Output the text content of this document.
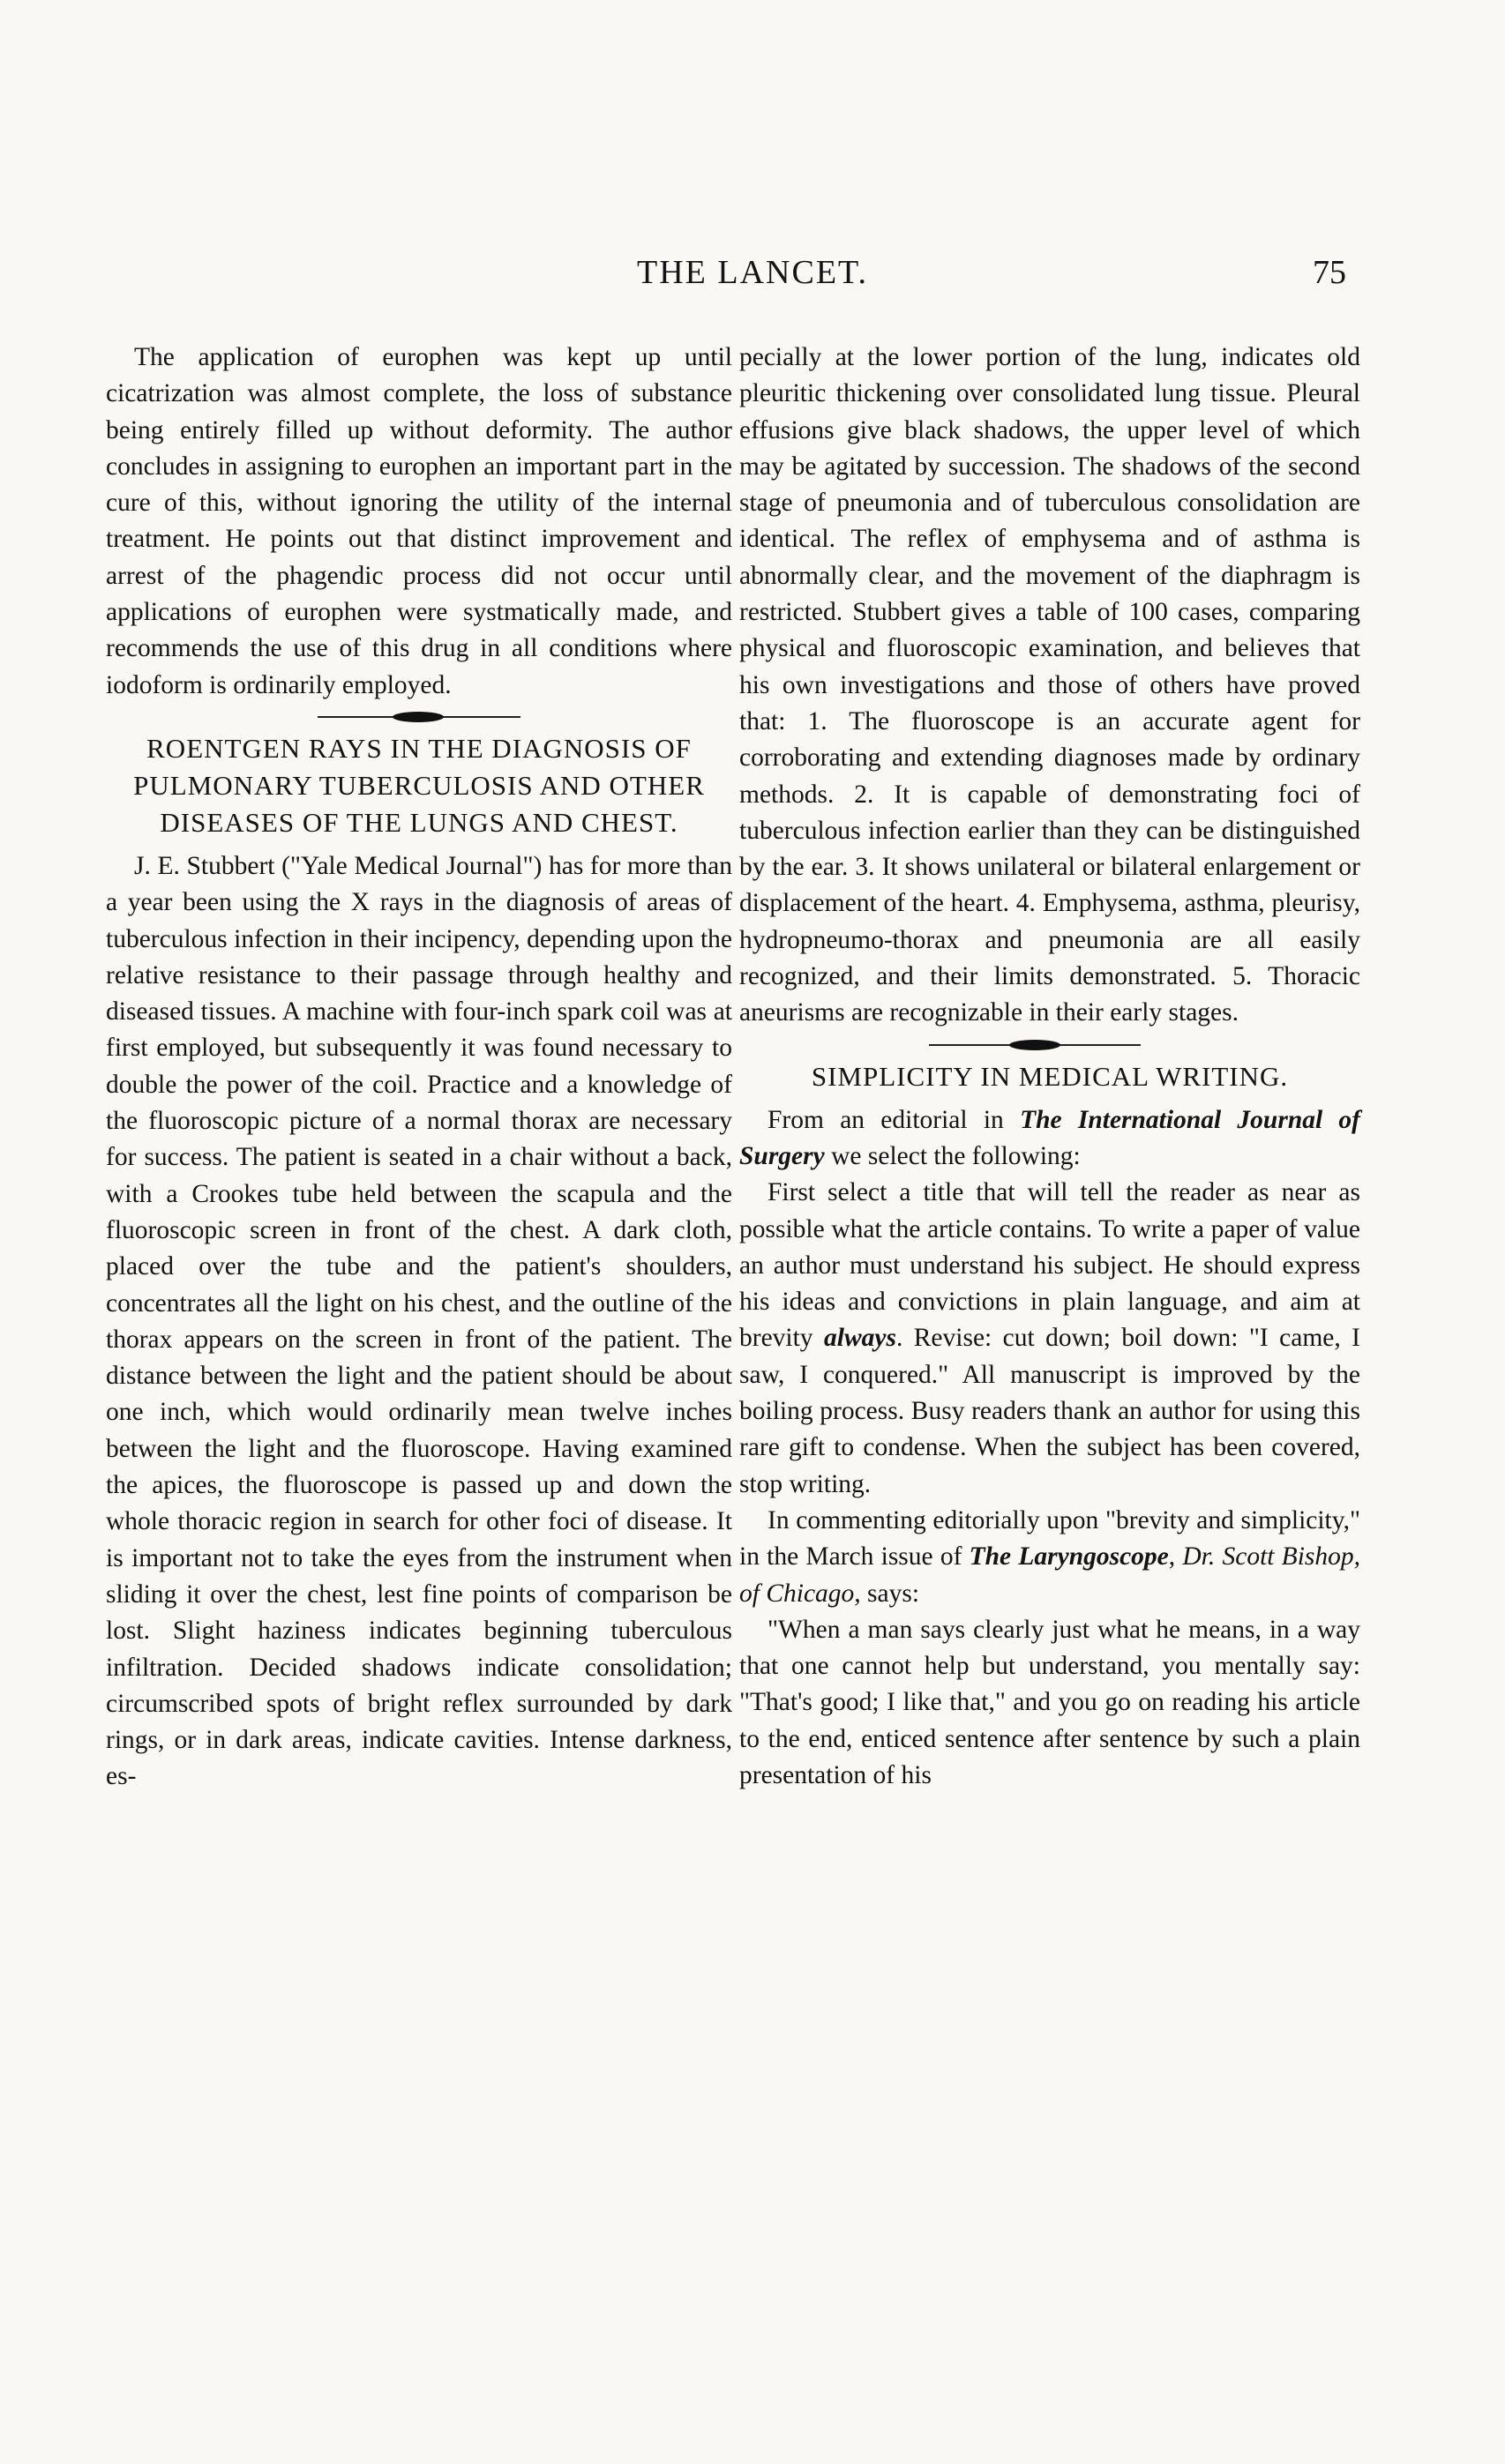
THE LANCET.	75

The application of europhen was kept up until cicatrization was almost complete, the loss of substance being entirely filled up without deformity. The author concludes in assigning to europhen an important part in the cure of this, without ignoring the utility of the internal treatment. He points out that distinct improvement and arrest of the phagendic process did not occur until applications of europhen were systmatically made, and recommends the use of this drug in all conditions where iodoform is ordinarily employed.

ROENTGEN RAYS IN THE DIAGNOSIS OF PULMONARY TUBERCULOSIS AND OTHER DISEASES OF THE LUNGS AND CHEST.

J. E. Stubbert ("Yale Medical Journal") has for more than a year been using the X rays in the diagnosis of areas of tuberculous infection in their incipency, depending upon the relative resistance to their passage through healthy and diseased tissues. A machine with four-inch spark coil was at first employed, but subsequently it was found necessary to double the power of the coil. Practice and a knowledge of the fluoroscopic picture of a normal thorax are necessary for success. The patient is seated in a chair without a back, with a Crookes tube held between the scapula and the fluoroscopic screen in front of the chest. A dark cloth, placed over the tube and the patient's shoulders, concentrates all the light on his chest, and the outline of the thorax appears on the screen in front of the patient. The distance between the light and the patient should be about one inch, which would ordinarily mean twelve inches between the light and the fluoroscope. Having examined the apices, the fluoroscope is passed up and down the whole thoracic region in search for other foci of disease. It is important not to take the eyes from the instrument when sliding it over the chest, lest fine points of comparison be lost. Slight haziness indicates beginning tuberculous infiltration. Decided shadows indicate consolidation; circumscribed spots of bright reflex surrounded by dark rings, or in dark areas, indicate cavities. Intense darkness, es-

pecially at the lower portion of the lung, indicates old pleuritic thickening over consolidated lung tissue. Pleural effusions give black shadows, the upper level of which may be agitated by succession. The shadows of the second stage of pneumonia and of tuberculous consolidation are identical. The reflex of emphysema and of asthma is abnormally clear, and the movement of the diaphragm is restricted. Stubbert gives a table of 100 cases, comparing physical and fluoroscopic examination, and believes that his own investigations and those of others have proved that: 1. The fluoroscope is an accurate agent for corroborating and extending diagnoses made by ordinary methods. 2. It is capable of demonstrating foci of tuberculous infection earlier than they can be distinguished by the ear. 3. It shows unilateral or bilateral enlargement or displacement of the heart. 4. Emphysema, asthma, pleurisy, hydropneumo-thorax and pneumonia are all easily recognized, and their limits demonstrated. 5. Thoracic aneurisms are recognizable in their early stages.

SIMPLICITY IN MEDICAL WRITING.

From an editorial in The International Journal of Surgery we select the following:

First select a title that will tell the reader as near as possible what the article contains. To write a paper of value an author must understand his subject. He should express his ideas and convictions in plain language, and aim at brevity always. Revise: cut down; boil down: "I came, I saw, I conquered." All manuscript is improved by the boiling process. Busy readers thank an author for using this rare gift to condense. When the subject has been covered, stop writing.

In commenting editorially upon "brevity and simplicity," in the March issue of The Laryngoscope, Dr. Scott Bishop, of Chicago, says:

"When a man says clearly just what he means, in a way that one cannot help but understand, you mentally say: "That's good; I like that," and you go on reading his article to the end, enticed sentence after sentence by such a plain presentation of his
